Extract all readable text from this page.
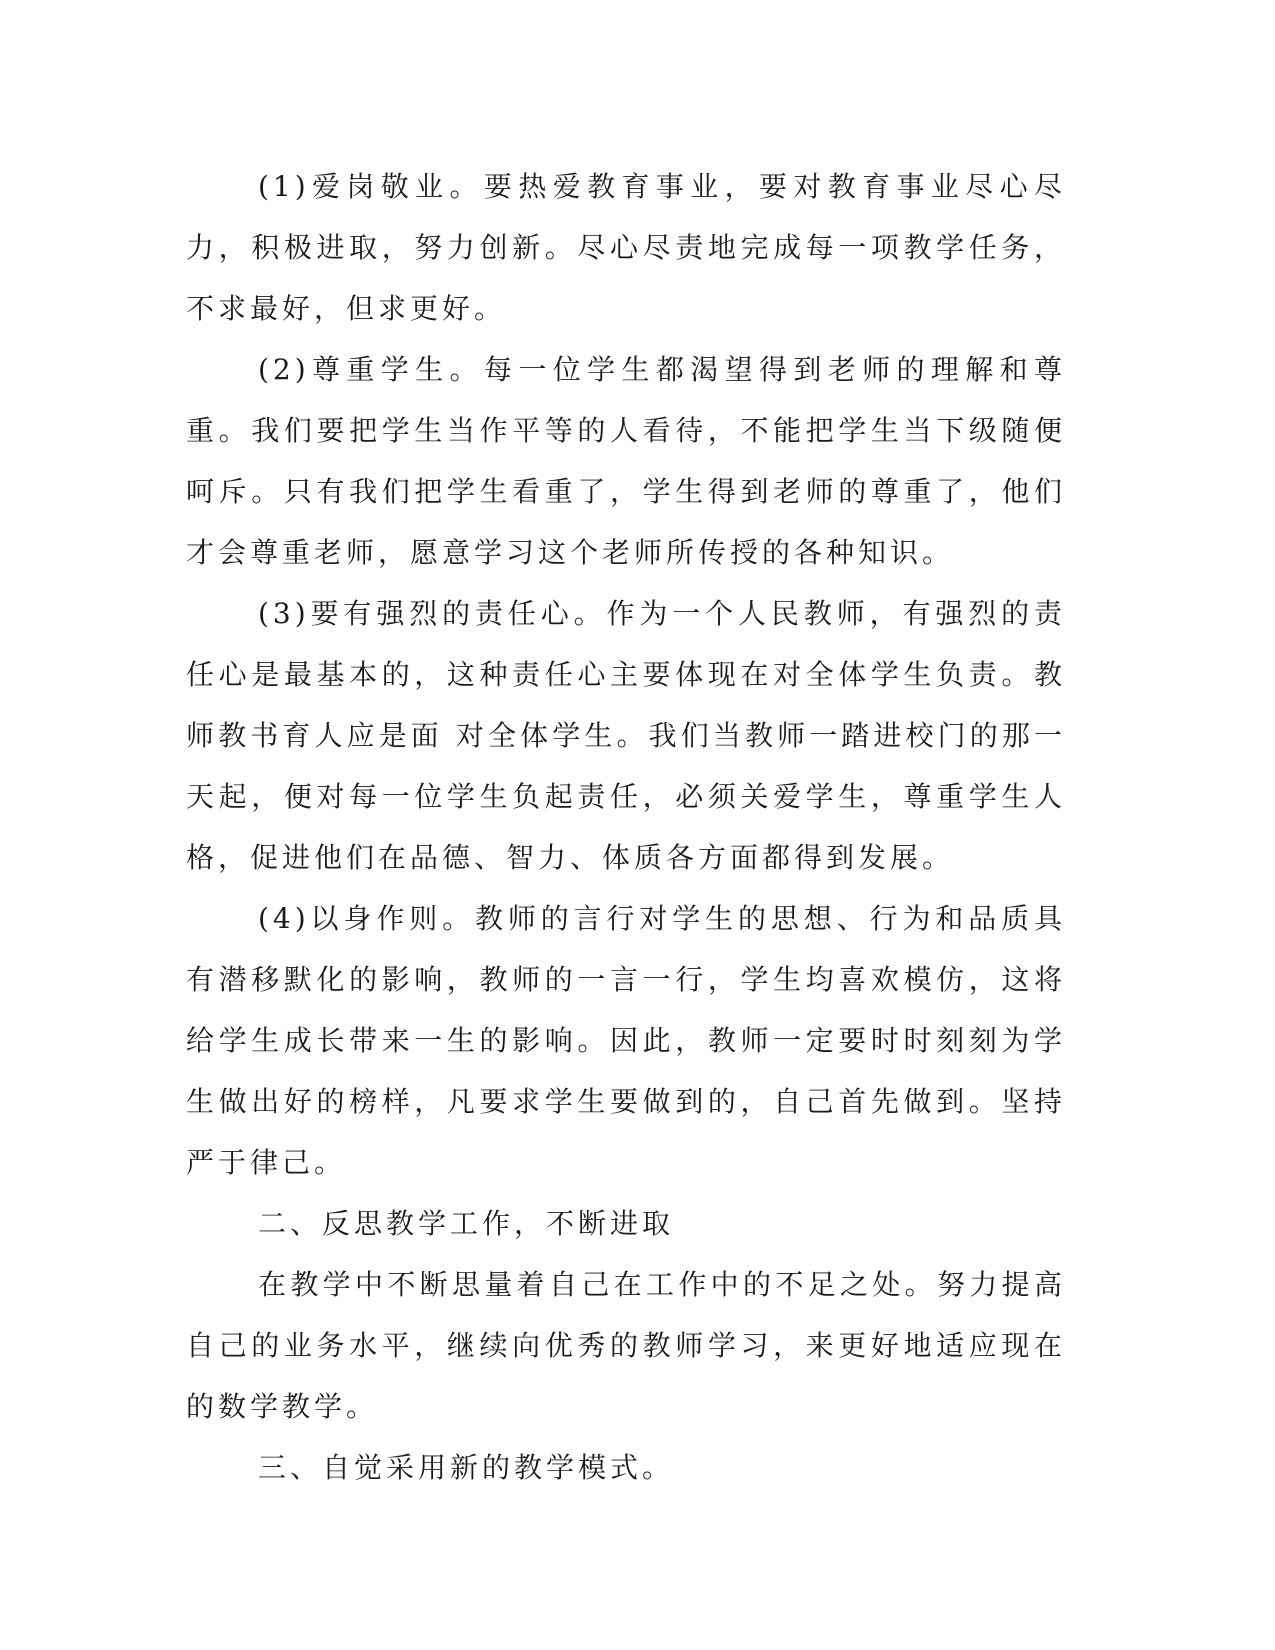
(1)爱岗敬业。要热爱教育事业，要对教育事业尽心尽力，积极进取，努力创新。尽心尽责地完成每一项教学任务，不求最好，但求更好。

(2)尊重学生。每一位学生都渴望得到老师的理解和尊重。我们要把学生当作平等的人看待，不能把学生当下级随便呵斥。只有我们把学生看重了，学生得到老师的尊重了，他们才会尊重老师，愿意学习这个老师所传授的各种知识。

(3)要有强烈的责任心。作为一个人民教师，有强烈的责任心是最基本的，这种责任心主要体现在对全体学生负责。教师教书育人应是面 对全体学生。我们当教师一踏进校门的那一天起，便对每一位学生负起责任，必须关爱学生，尊重学生人格，促进他们在品德、智力、体质各方面都得到发展。

(4)以身作则。教师的言行对学生的思想、行为和品质具有潜移默化的影响，教师的一言一行，学生均喜欢模仿，这将给学生成长带来一生的影响。因此，教师一定要时时刻刻为学生做出好的榜样，凡要求学生要做到的，自己首先做到。坚持严于律己。

二、反思教学工作，不断进取

在教学中不断思量着自己在工作中的不足之处。努力提高自己的业务水平，继续向优秀的教师学习，来更好地适应现在的数学教学。

三、自觉采用新的教学模式。
